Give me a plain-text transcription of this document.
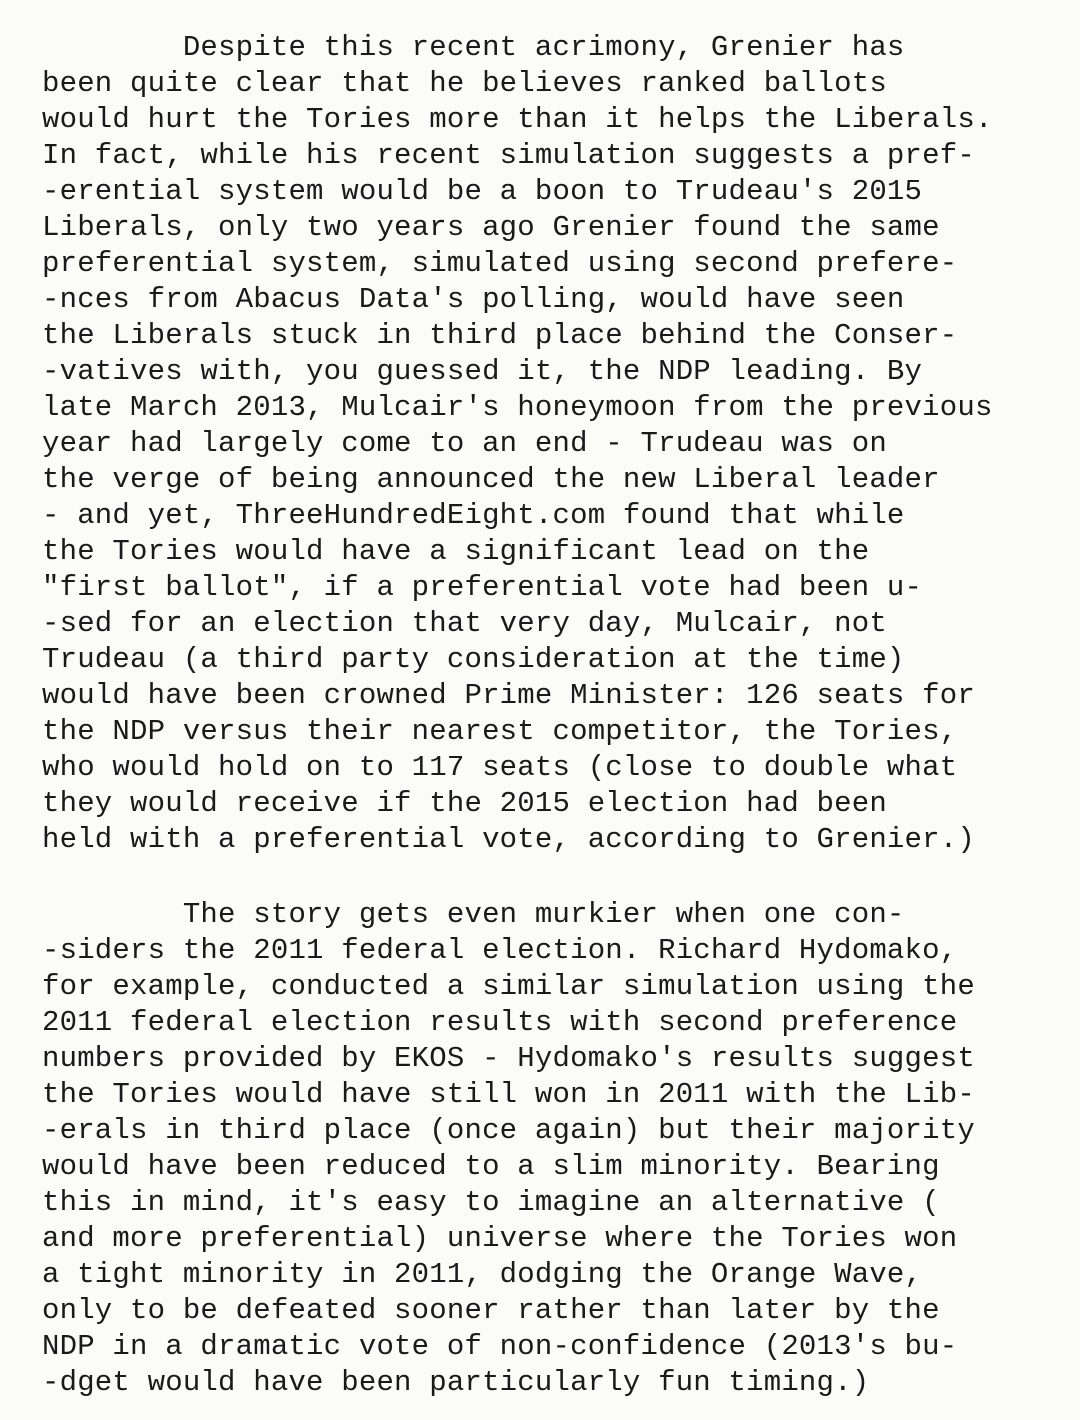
Despite this recent acrimony, Grenier has
been quite clear that he believes ranked ballots
would hurt the Tories more than it helps the Liberals.
In fact, while his recent simulation suggests a pref-
-erential system would be a boon to Trudeau's 2015
Liberals, only two years ago Grenier found the same
preferential system, simulated using second prefere-
-nces from Abacus Data's polling, would have seen
the Liberals stuck in third place behind the Conser-
-vatives with, you guessed it, the NDP leading. By
late March 2013, Mulcair's honeymoon from the previous
year had largely come to an end - Trudeau was on
the verge of being announced the new Liberal leader
- and yet, ThreeHundredEight.com found that while
the Tories would have a significant lead on the
"first ballot", if a preferential vote had been u-
-sed for an election that very day, Mulcair, not
Trudeau (a third party consideration at the time)
would have been crowned Prime Minister: 126 seats for
the NDP versus their nearest competitor, the Tories,
who would hold on to 117 seats (close to double what
they would receive if the 2015 election had been
held with a preferential vote, according to Grenier.)
The story gets even murkier when one con-
-siders the 2011 federal election. Richard Hydomako,
for example, conducted a similar simulation using the
2011 federal election results with second preference
numbers provided by EKOS - Hydomako's results suggest
the Tories would have still won in 2011 with the Lib-
-erals in third place (once again) but their majority
would have been reduced to a slim minority. Bearing
this in mind, it's easy to imagine an alternative (
and more preferential) universe where the Tories won
a tight minority in 2011, dodging the Orange Wave,
only to be defeated sooner rather than later by the
NDP in a dramatic vote of non-confidence (2013's bu-
-dget would have been particularly fun timing.)
